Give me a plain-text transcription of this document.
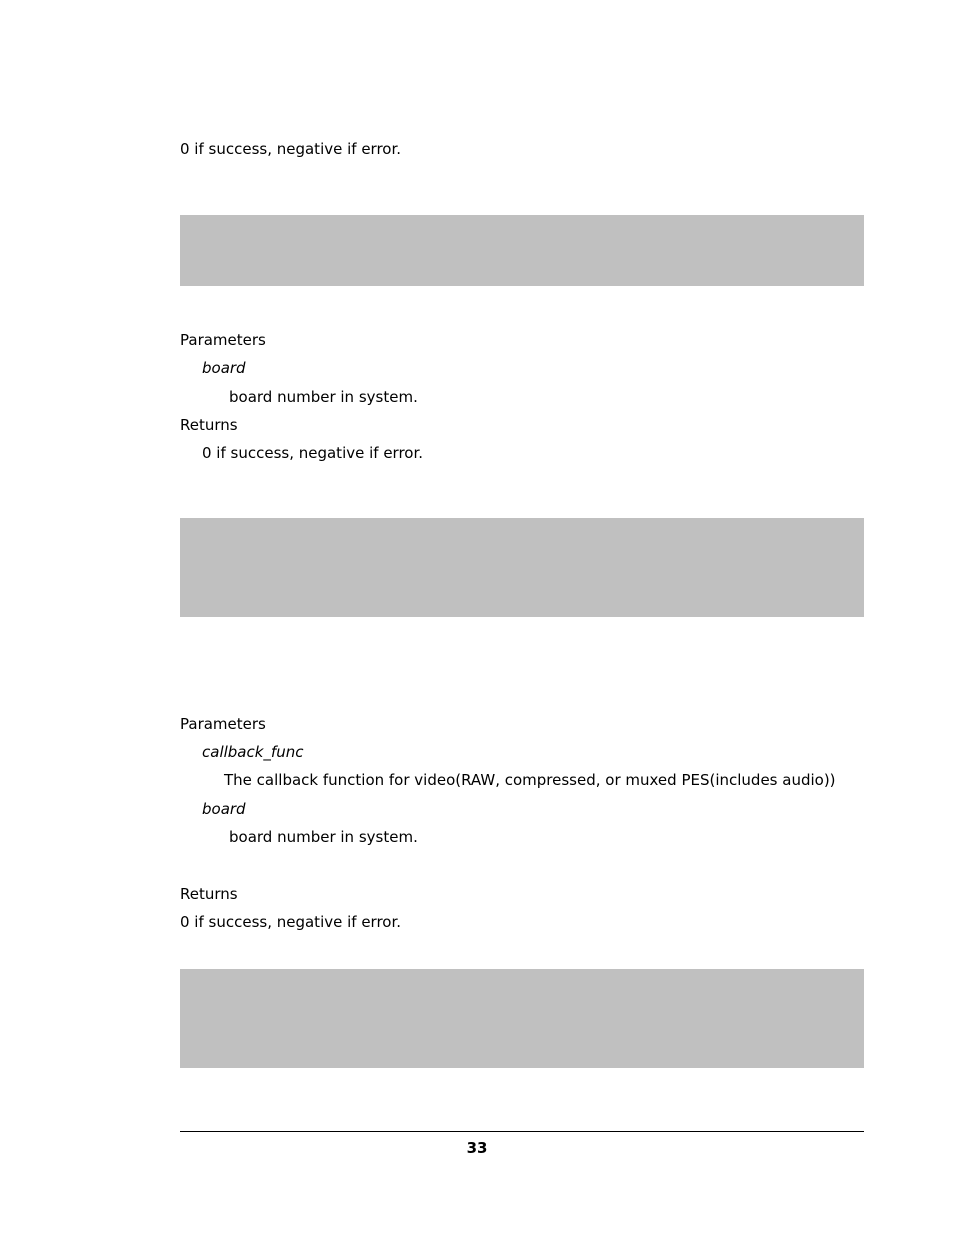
0 if success, negative if error.
Parameters
board
board number in system.
Returns
0 if success, negative if error.
Parameters
callback_func
The callback function for video(RAW, compressed, or muxed PES(includes audio))
board
board number in system.
Returns
0 if success, negative if error.
33
